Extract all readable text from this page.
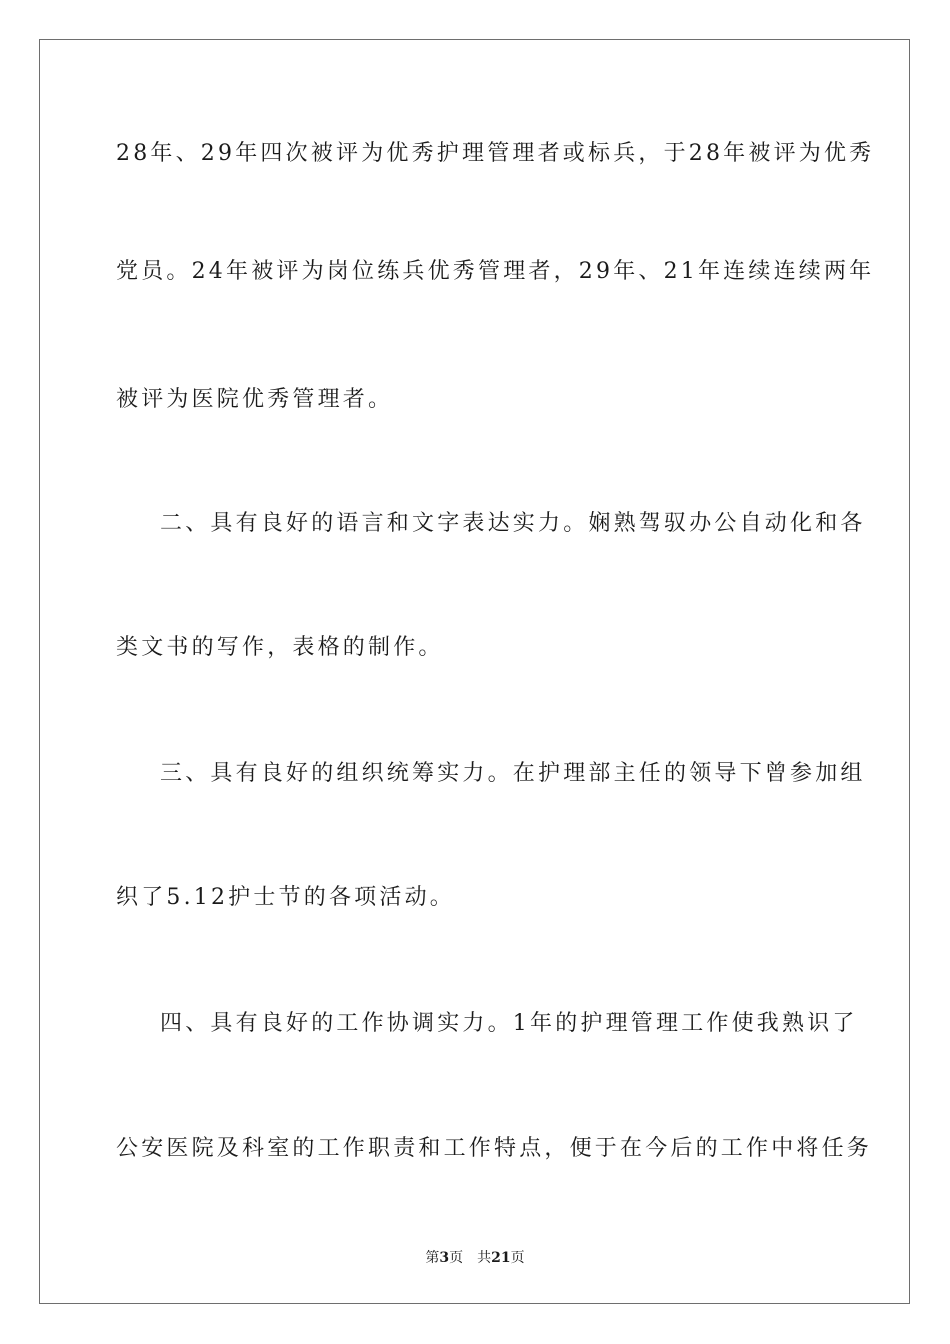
28年、29年四次被评为优秀护理管理者或标兵，于28年被评为优秀
党员。24年被评为岗位练兵优秀管理者，29年、21年连续连续两年
被评为医院优秀管理者。
二、具有良好的语言和文字表达实力。娴熟驾驭办公自动化和各
类文书的写作，表格的制作。
三、具有良好的组织统筹实力。在护理部主任的领导下曾参加组
织了5.12护士节的各项活动。
四、具有良好的工作协调实力。1年的护理管理工作使我熟识了
公安医院及科室的工作职责和工作特点，便于在今后的工作中将任务
第3页 共21页
